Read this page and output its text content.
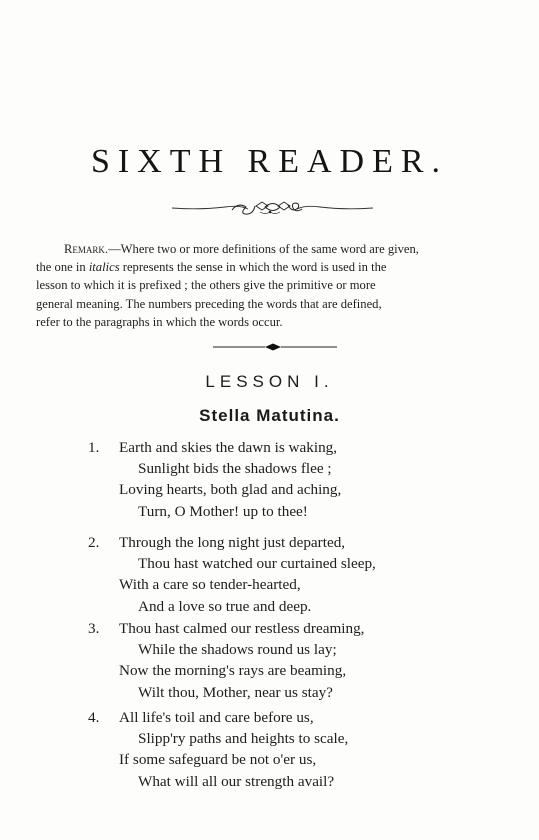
SIXTH READER.
Remark.—Where two or more definitions of the same word are given,
the one in italics represents the sense in which the word is used in the
lesson to which it is prefixed ; the others give the primitive or more
general meaning. The numbers preceding the words that are defined,
refer to the paragraphs in which the words occur.
LESSON I.
Stella Matutina.
1.	Earth and skies the dawn is waking,
Sunlight bids the shadows flee ;
Loving hearts, both glad and aching,
Turn, O Mother! up to thee!
2.	Through the long night just departed,
Thou hast watched our curtained sleep,
With a care so tender-hearted,
And a love so true and deep.
3.	Thou hast calmed our restless dreaming,
While the shadows round us lay;
Now the morning's rays are beaming,
Wilt thou, Mother, near us stay?
4.	All life's toil and care before us,
Slipp'ry paths and heights to scale,
If some safeguard be not o'er us,
What will all our strength avail?
